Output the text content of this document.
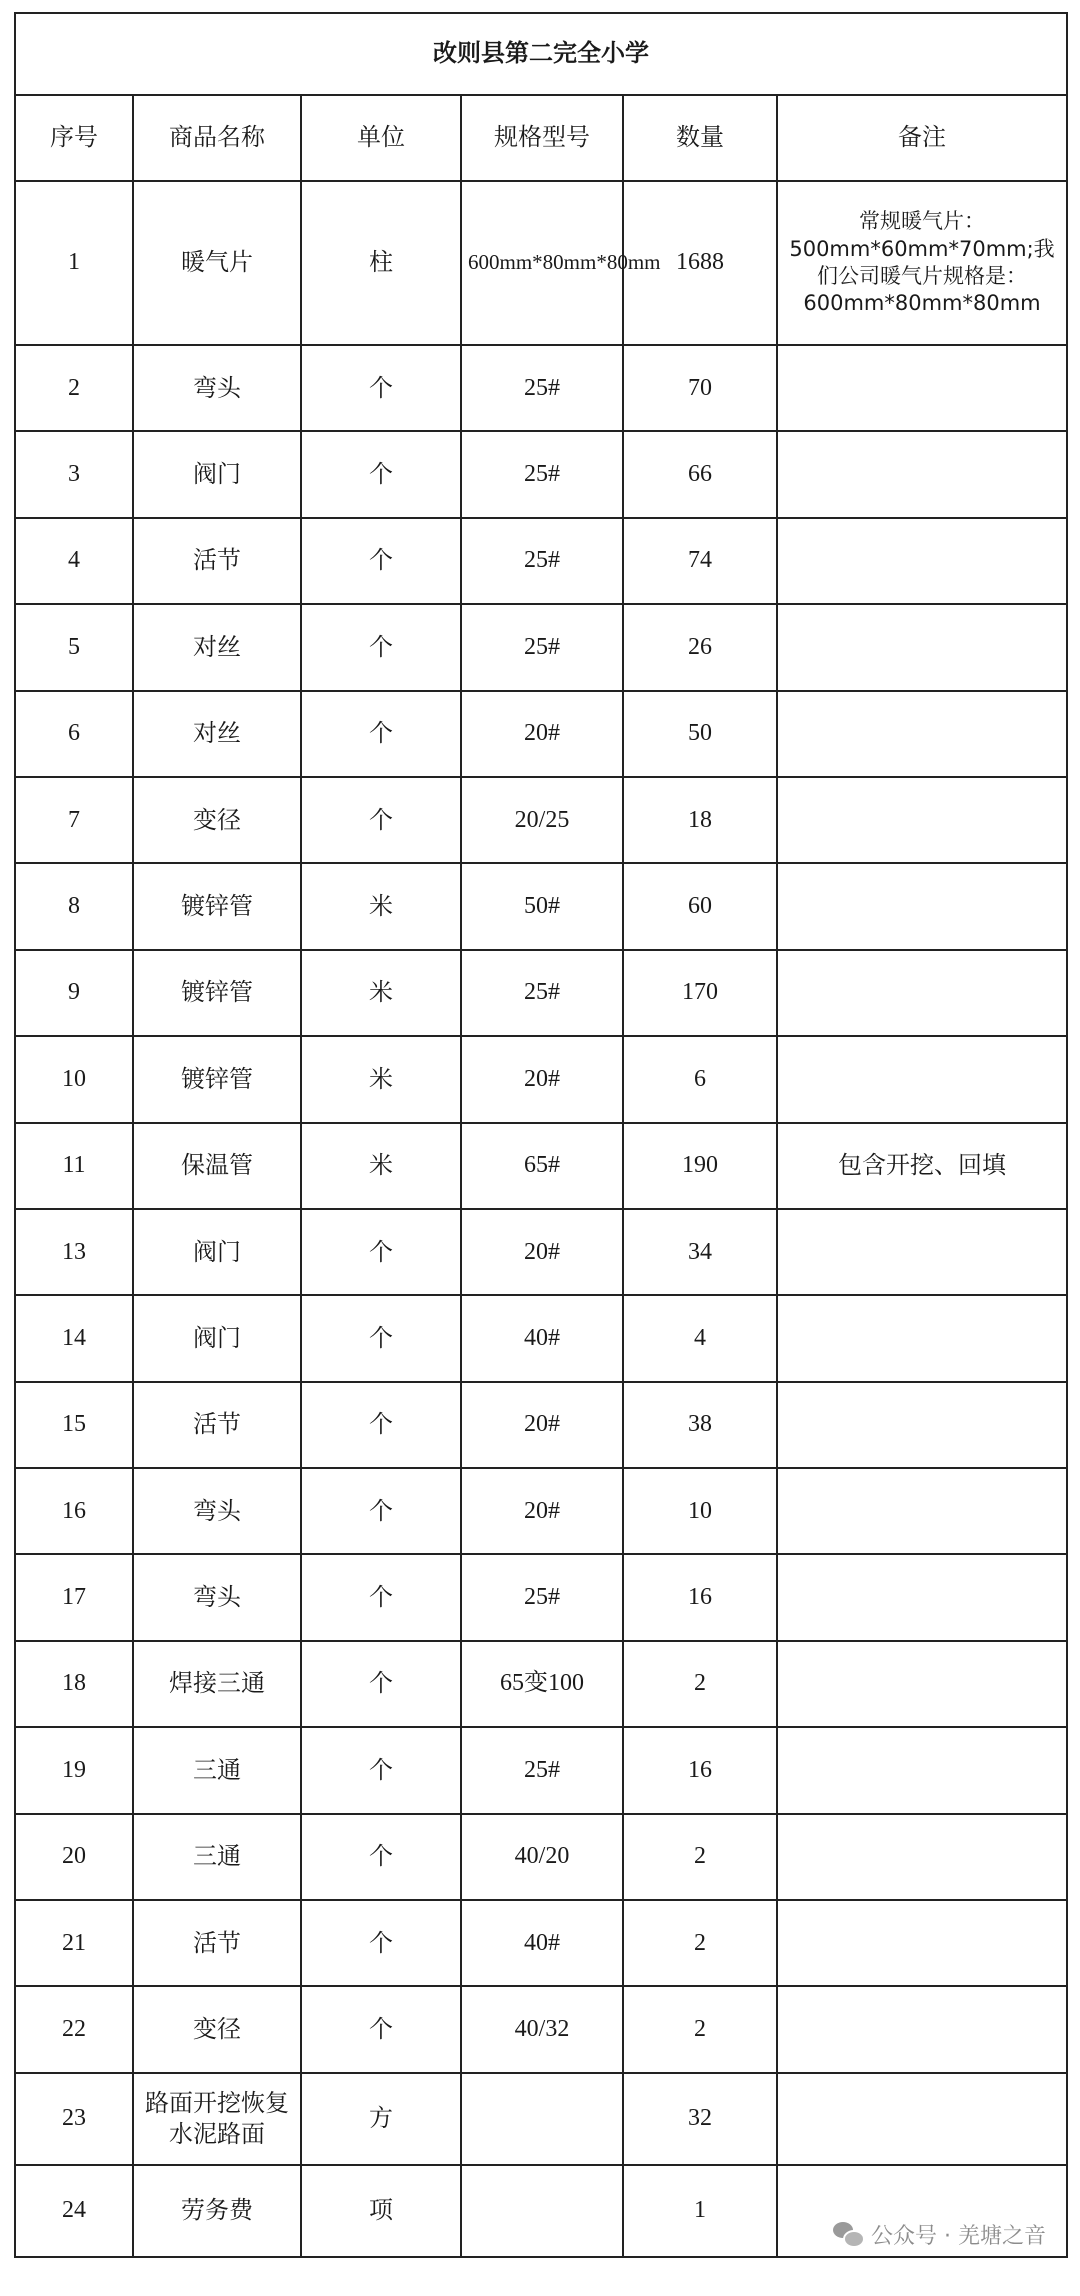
改则县第二完全小学					
序号	商品名称	单位	规格型号	数量	备注
1	暖气片	柱	600mm*80mm*80mm	1688	常规暖气片：500mm*60mm*70mm;我们公司暖气片规格是：600mm*80mm*80mm
2	弯头	个	25#	70	
3	阀门	个	25#	66	
4	活节	个	25#	74	
5	对丝	个	25#	26	
6	对丝	个	20#	50	
7	变径	个	20/25	18	
8	镀锌管	米	50#	60	
9	镀锌管	米	25#	170	
10	镀锌管	米	20#	6	
11	保温管	米	65#	190	包含开挖、回填
13	阀门	个	20#	34	
14	阀门	个	40#	4	
15	活节	个	20#	38	
16	弯头	个	20#	10	
17	弯头	个	25#	16	
18	焊接三通	个	65变100	2	
19	三通	个	25#	16	
20	三通	个	40/20	2	
21	活节	个	40#	2	
22	变径	个	40/32	2	
23	路面开挖恢复水泥路面	方		32	
24	劳务费	项		1	
公众号 · 羌塘之音
